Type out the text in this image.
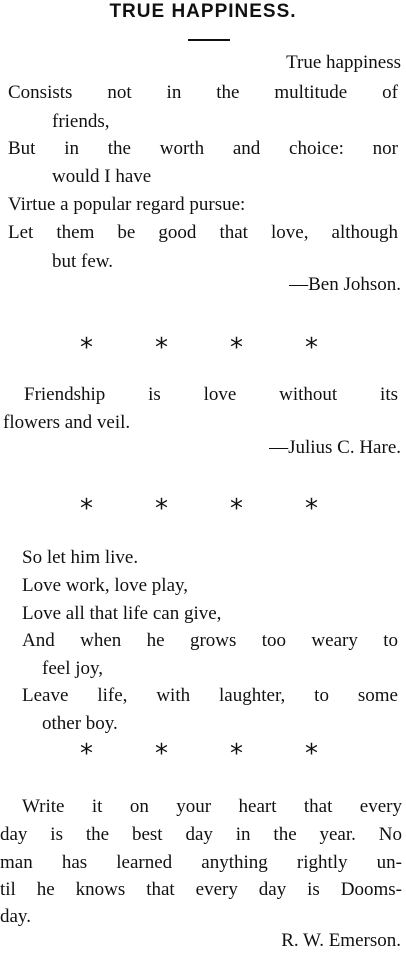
TRUE HAPPINESS.
True happiness
Consists not in the multitude of
friends,
But in the worth and choice: nor
would I have
Virtue a popular regard pursue:
Let them be good that love, although
but few.
—Ben Johson.
* * * *
Friendship is love without its
flowers and veil.
—Julius C. Hare.
* * * *
So let him live.
Love work, love play,
Love all that life can give,
And when he grows too weary to
feel joy,
Leave life, with laughter, to some
other boy.
* * * *
Write it on your heart that every
day is the best day in the year. No
man has learned anything rightly un-
til he knows that every day is Dooms-
day.
R. W. Emerson.
